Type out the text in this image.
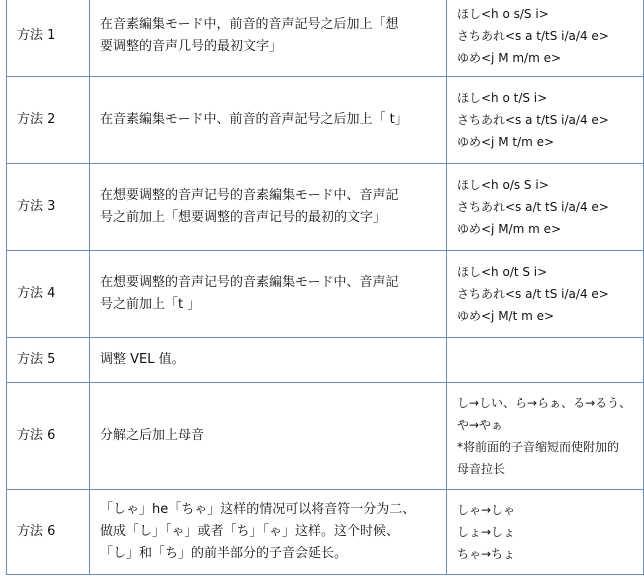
方法 1	在音素編集モード中，前音的音声記号之后加上「想
要调整的音声几号的最初文字」	ほし<h o s/S i>
さちあれ<s a t/tS i/a/4 e>
ゆめ<j M m/m e>

方法 2	在音素編集モード中、前音的音声記号之后加上「 t」	ほし<h o t/S i>
さちあれ<s a t/tS i/a/4 e>
ゆめ<j M t/m e>

方法 3	在想要调整的音声记号的音素編集モード中、音声記
号之前加上「想要调整的音声记号的最初的文字」	ほし<h o/s S i>
さちあれ<s a/t tS i/a/4 e>
ゆめ<j M/m m e>

方法 4	在想要调整的音声记号的音素編集モード中、音声記
号之前加上「t 」	ほし<h o/t S i>
さちあれ<s a/t tS i/a/4 e>
ゆめ<j M/t m e>

方法 5	调整 VEL 值。	

方法 6	分解之后加上母音	し→しい、ら→らぁ、る→るう、
や→やぁ
*将前面的子音缩短而使附加的
母音拉长

方法 6	「しゃ」he「ちゃ」这样的情况可以将音符一分为二、
做成「し」「ゃ」或者「ち」「ゃ」这样。这个时候、
「し」和「ち」的前半部分的子音会延长。	しゃ→しゃ
しょ→しょ
ちゃ→ちょ
